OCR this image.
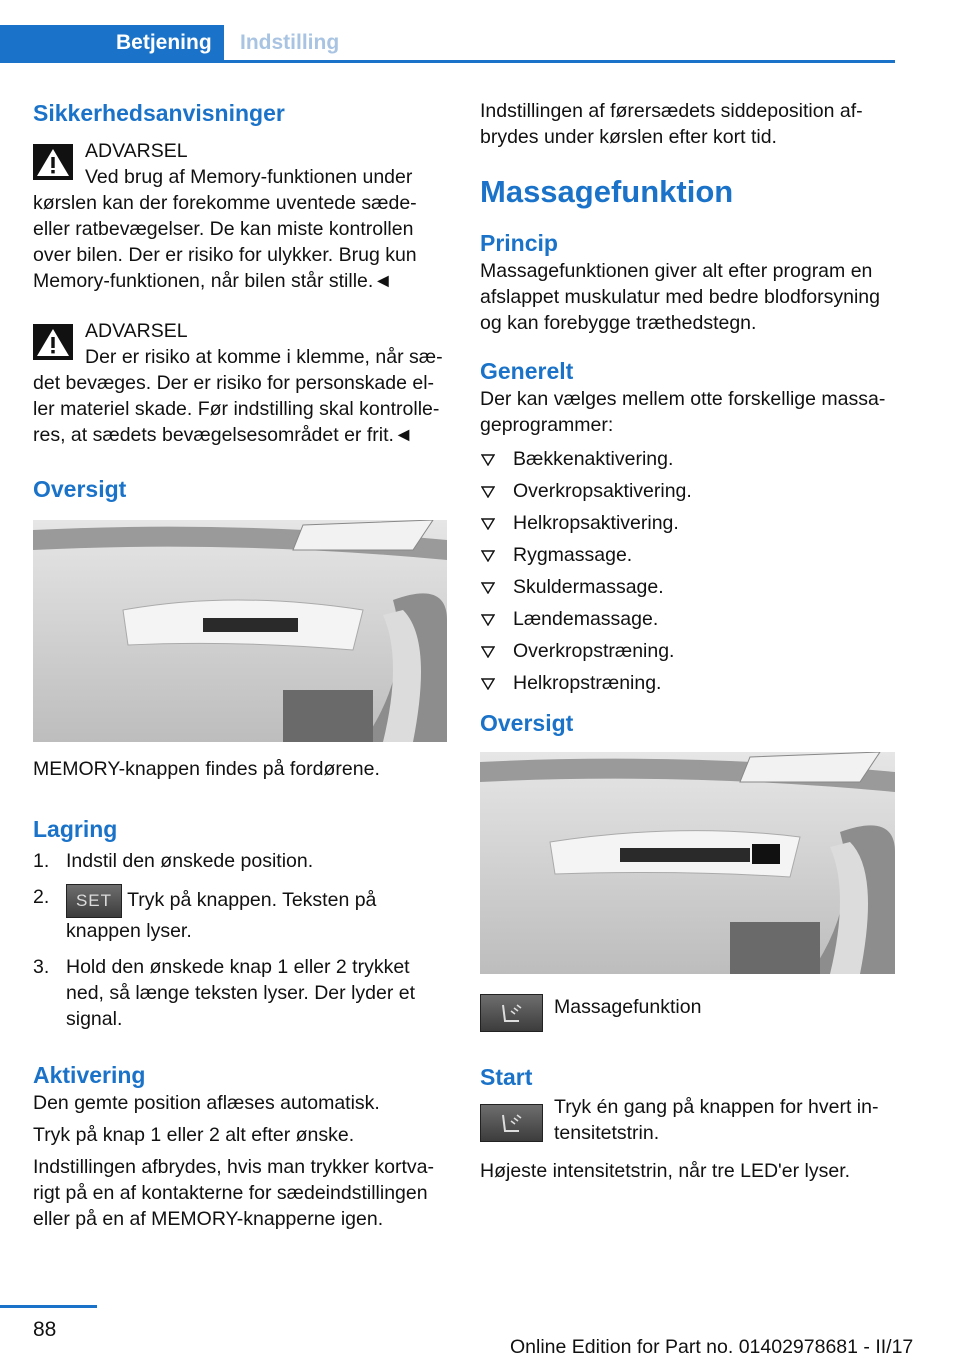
Betjening	Indstilling
Sikkerhedsanvisninger
ADVARSEL
Ved brug af Memory-funktionen under

kørslen kan der forekomme uventede sæde- eller ratbevægelser. De kan miste kontrollen over bilen. Der er risiko for ulykker. Brug kun Memory-funktionen, når bilen står stille.◄

ADVARSEL
Der er risiko at komme i klemme, når sæ-

det bevæges. Der er risiko for personskade el- ler materiel skade. Før indstilling skal kontrolle- res, at sædets bevægelsesområdet er frit.◄

Oversigt

MEMORY-knappen findes på fordørene.

Lagring
1. Indstil den ønskede position.
2. SET Tryk på knappen. Teksten på knappen lyser.
3. Hold den ønskede knap 1 eller 2 trykket ned, så længe teksten lyser. Der lyder et signal.
Aktivering

Den gemte position aflæses automatisk.

Tryk på knap 1 eller 2 alt efter ønske.

Indstillingen afbrydes, hvis man trykker kortva- rigt på en af kontakterne for sædeindstillingen eller på en af MEMORY-knapperne igen.

Indstillingen af førersædets siddeposition af- brydes under kørslen efter kort tid.

Massagefunktion
Princip

Massagefunktionen giver alt efter program en afslappet muskulatur med bedre blodforsyning og kan forebygge træthedstegn.

Generelt

Der kan vælges mellem otte forskellige massa- geprogrammer:

Bækkenaktivering.
Overkropsaktivering.
Helkropsaktivering.
Rygmassage.
Skuldermassage.
Lændemassage.
Overkropstræning.
Helkropstræning.
Oversigt

Massagefunktion

Start

Tryk én gang på knappen for hvert in- tensitetstrin.

Højeste intensitetstrin, når tre LED'er lyser.

88
Online Edition for Part no. 01402978681 - II/17
